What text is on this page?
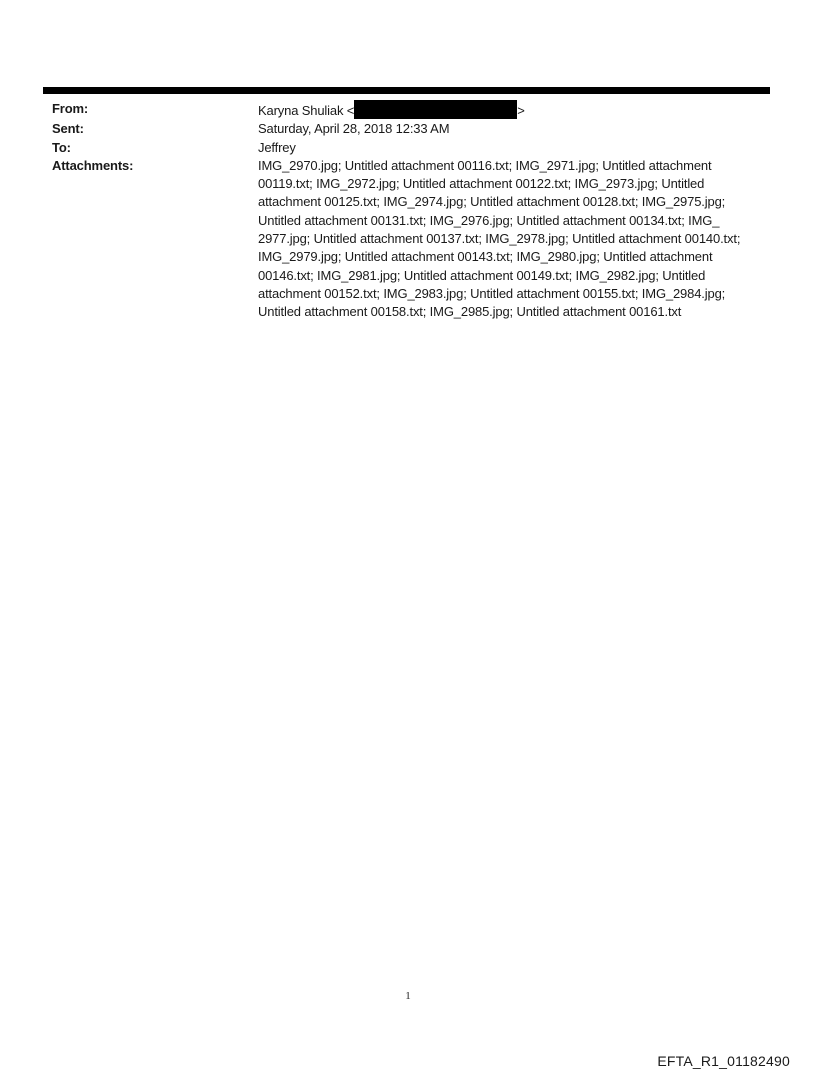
From:	Karyna Shuliak <	>
Sent:	Saturday, April 28, 2018 12:33 AM
To:	Jeffrey
Attachments:	IMG_2970.jpg; Untitled attachment 00116.txt; IMG_2971.jpg; Untitled attachment
00119.txt; IMG_2972.jpg; Untitled attachment 00122.txt; IMG_2973.jpg; Untitled
attachment 00125.txt; IMG_2974.jpg; Untitled attachment 00128.txt; IMG_2975.jpg;
Untitled attachment 00131.txt; IMG_2976.jpg; Untitled attachment 00134.txt; IMG_
2977.jpg; Untitled attachment 00137.txt; IMG_2978.jpg; Untitled attachment 00140.txt;
IMG_2979.jpg; Untitled attachment 00143.txt; IMG_2980.jpg; Untitled attachment
00146.txt; IMG_2981.jpg; Untitled attachment 00149.txt; IMG_2982.jpg; Untitled
attachment 00152.txt; IMG_2983.jpg; Untitled attachment 00155.txt; IMG_2984.jpg;
Untitled attachment 00158.txt; IMG_2985.jpg; Untitled attachment 00161.txt
1
EFTA_R1_01182490
